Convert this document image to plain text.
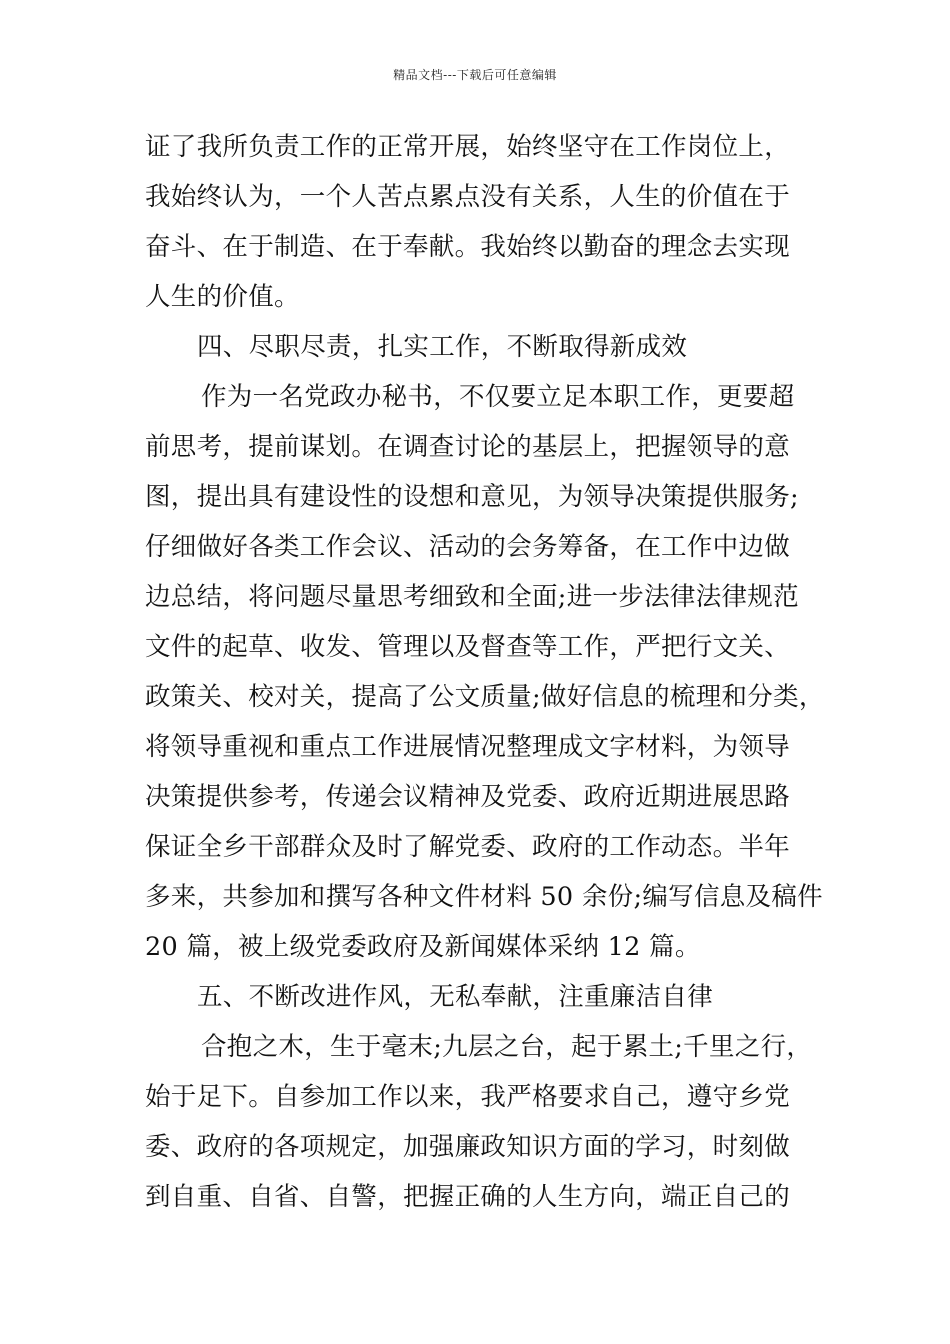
精品文档---下载后可任意编辑
证了我所负责工作的正常开展，始终坚守在工作岗位上，
我始终认为，一个人苦点累点没有关系，人生的价值在于
奋斗、在于制造、在于奉献。我始终以勤奋的理念去实现
人生的价值。
四、尽职尽责，扎实工作，不断取得新成效
作为一名党政办秘书，不仅要立足本职工作，更要超
前思考，提前谋划。在调查讨论的基层上，把握领导的意
图，提出具有建设性的设想和意见，为领导决策提供服务;
仔细做好各类工作会议、活动的会务筹备，在工作中边做
边总结，将问题尽量思考细致和全面;进一步法律法律规范
文件的起草、收发、管理以及督查等工作，严把行文关、
政策关、校对关，提高了公文质量;做好信息的梳理和分类，
将领导重视和重点工作进展情况整理成文字材料，为领导
决策提供参考，传递会议精神及党委、政府近期进展思路
保证全乡干部群众及时了解党委、政府的工作动态。半年
多来，共参加和撰写各种文件材料 50 余份;编写信息及稿件
20 篇，被上级党委政府及新闻媒体采纳 12 篇。
五、不断改进作风，无私奉献，注重廉洁自律
合抱之木，生于毫末;九层之台，起于累土;千里之行，
始于足下。自参加工作以来，我严格要求自己，遵守乡党
委、政府的各项规定，加强廉政知识方面的学习，时刻做
到自重、自省、自警，把握正确的人生方向，端正自己的
